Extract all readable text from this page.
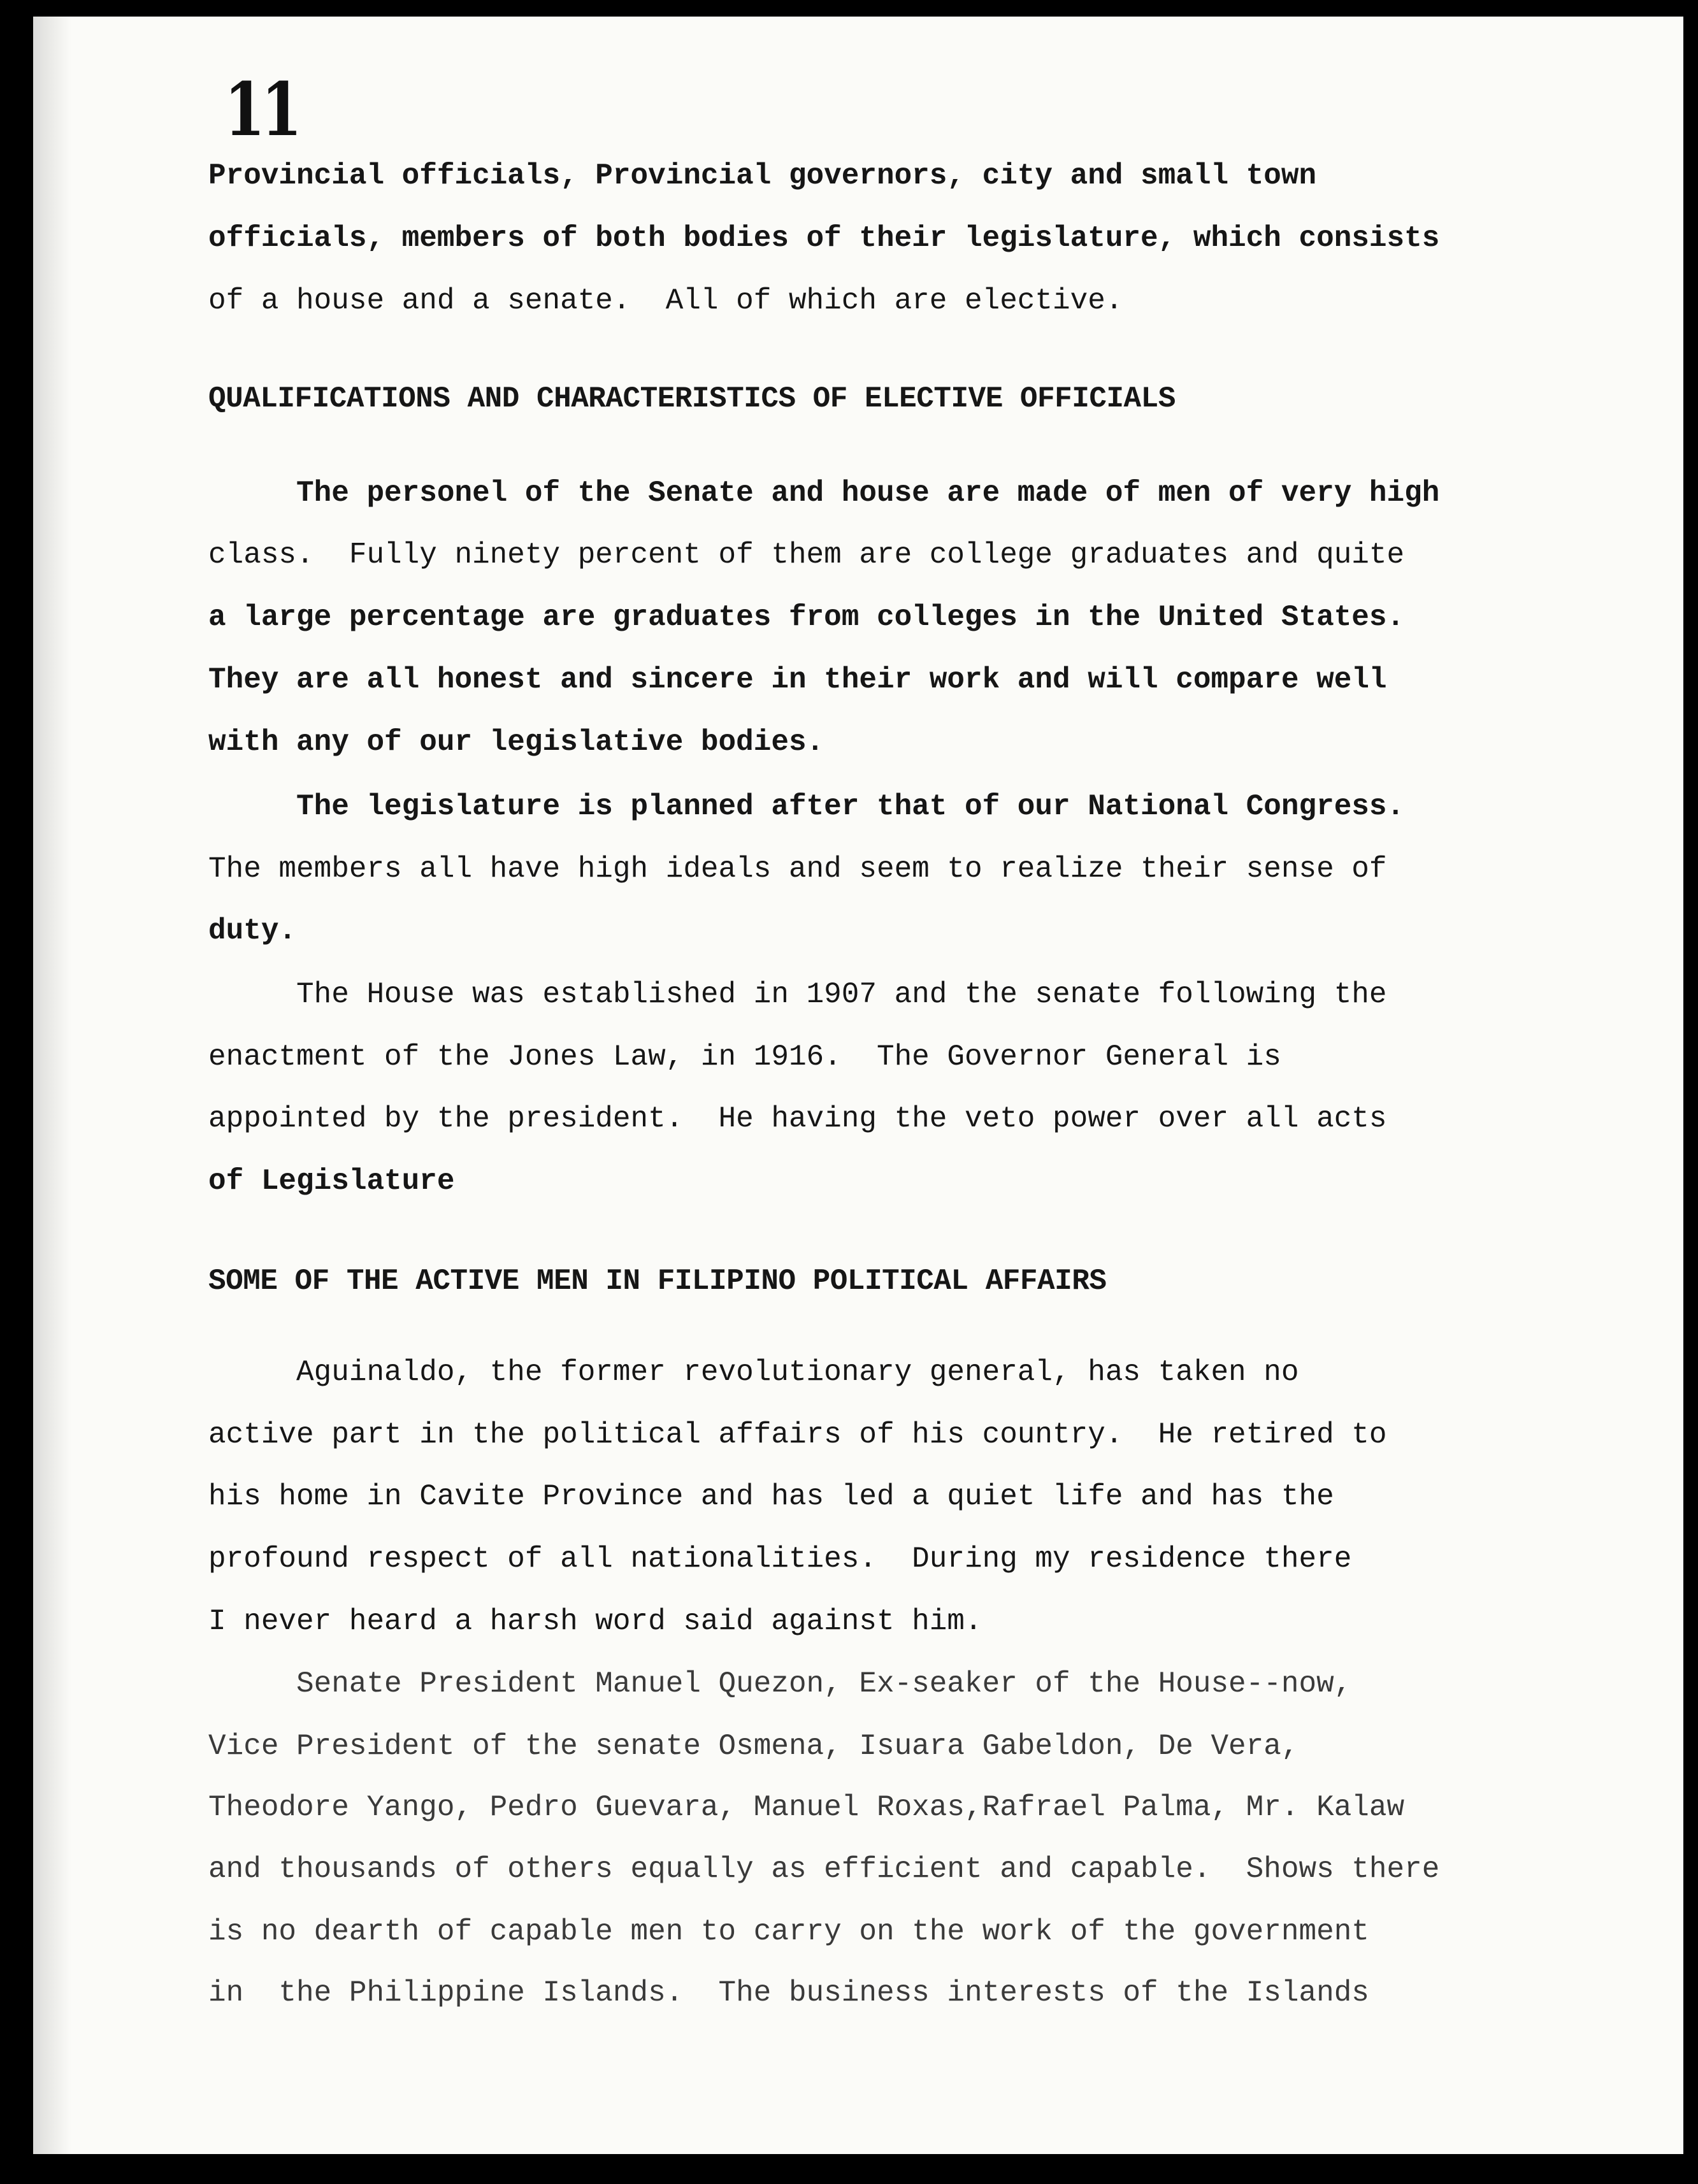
11
Provincial officials, Provincial governors, city and small town
officials, members of both bodies of their legislature, which consists
of a house and a senate.  All of which are elective.
QUALIFICATIONS AND CHARACTERISTICS OF ELECTIVE OFFICIALS
The personel of the Senate and house are made of men of very high
class.  Fully ninety percent of them are college graduates and quite
a large percentage are graduates from colleges in the United States.
They are all honest and sincere in their work and will compare well
with any of our legislative bodies.
The legislature is planned after that of our National Congress.
The members all have high ideals and seem to realize their sense of
duty.
The House was established in 1907 and the senate following the
enactment of the Jones Law, in 1916.  The Governor General is
appointed by the president.  He having the veto power over all acts
of Legislature
SOME OF THE ACTIVE MEN IN FILIPINO POLITICAL AFFAIRS
Aguinaldo, the former revolutionary general, has taken no
active part in the political affairs of his country.  He retired to
his home in Cavite Province and has led a quiet life and has the
profound respect of all nationalities.  During my residence there
I never heard a harsh word said against him.
Senate President Manuel Quezon, Ex-seaker of the House--now,
Vice President of the senate Osmena, Isuara Gabeldon, De Vera,
Theodore Yango, Pedro Guevara, Manuel Roxas,Rafrael Palma, Mr. Kalaw
and thousands of others equally as efficient and capable.  Shows there
is no dearth of capable men to carry on the work of the government
in  the Philippine Islands.  The business interests of the Islands
